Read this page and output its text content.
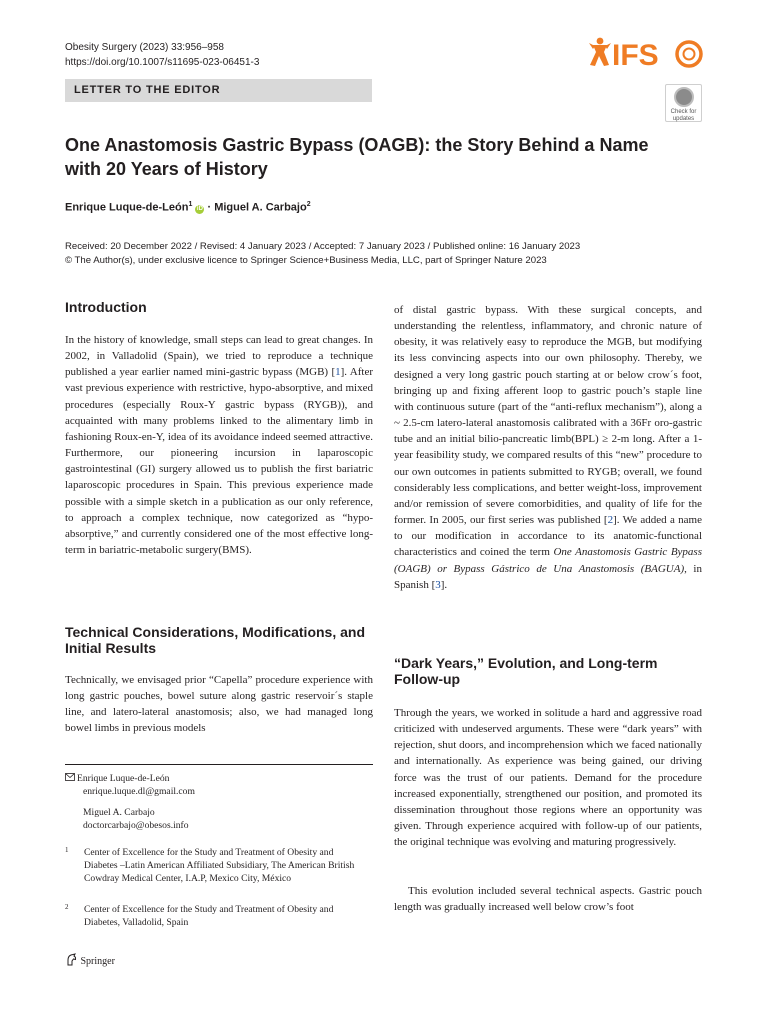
Obesity Surgery (2023) 33:956–958
https://doi.org/10.1007/s11695-023-06451-3	IFS
LETTER TO THE EDITOR
Check for
updates
One Anastomosis Gastric Bypass (OAGB): the Story Behind a Name with 20 Years of History
Enrique Luque-de-León$^1$ iD · Miguel A. Carbajo$^2$
Received: 20 December 2022 / Revised: 4 January 2023 / Accepted: 7 January 2023 / Published online: 16 January 2023
© The Author(s), under exclusive licence to Springer Science+Business Media, LLC, part of Springer Nature 2023
Introduction

In the history of knowledge, small steps can lead to great changes. In 2002, in Valladolid (Spain), we tried to reproduce a technique published a year earlier named mini-gastric bypass (MGB) [1]. After vast previous experience with restrictive, hypo-absorptive, and mixed procedures (especially Roux-Y gastric bypass (RYGB)), and acquainted with many problems linked to the alimentary limb in fashioning Roux-en-Y, idea of its avoidance indeed seemed attractive. Furthermore, our pioneering incursion in laparoscopic gastrointestinal (GI) surgery allowed us to publish the first bariatric laparoscopic procedures in Spain. This previous experience made possible with a simple sketch in a publication as our only reference, to approach a complex technique, now categorized as “hypo-absorptive,” and currently considered one of the most effective long-term in bariatric-metabolic surgery(BMS).

Technical Considerations, Modifications, and Initial Results

Technically, we envisaged prior “Capella” procedure experience with long gastric pouches, bowel suture along gastric reservoir´s staple line, and latero-lateral anastomosis; also, we had managed long bowel limbs in previous models

Enrique Luque-de-León
enrique.luque.dl@gmail.com
Miguel A. Carbajo
doctorcarbajo@obesos.info
1	Center of Excellence for the Study and Treatment of Obesity and Diabetes –Latin American Affiliated Subsidiary, The American British Cowdray Medical Center, I.A.P, Mexico City, México
2	Center of Excellence for the Study and Treatment of Obesity and Diabetes, Valladolid, Spain
Springer

of distal gastric bypass. With these surgical concepts, and understanding the relentless, inflammatory, and chronic nature of obesity, it was relatively easy to reproduce the MGB, but modifying its less convincing aspects into our own philosophy. Thereby, we designed a very long gastric pouch starting at or below crow´s foot, bringing up and fixing afferent loop to gastric pouch’s staple line with continuous suture (part of the “anti-reflux mechanism”), along a ~ 2.5-cm latero-lateral anastomosis calibrated with a 36Fr oro-gastric tube and an initial bilio-pancreatic limb(BPL) ≥ 2-m long. After a 1-year feasibility study, we compared results of this “new” procedure to our own outcomes in patients submitted to RYGB; overall, we found considerably less complications, and better weight-loss, improvement and/or remission of severe comorbidities, and quality of life for the former. In 2005, our first series was published [2]. We added a name to our modification in accordance to its anatomic-functional characteristics and coined the term One Anastomosis Gastric Bypass (OAGB) or Bypass Gástrico de Una Anastomosis (BAGUA), in Spanish [3].

“Dark Years,” Evolution, and Long-term Follow-up

Through the years, we worked in solitude a hard and aggressive road criticized with undeserved arguments. These were “dark years” with rejection, shut doors, and incomprehension which we faced nationally and internationally. As experience was being gained, our driving force was the trust of our patients. Demand for the procedure increased exponentially, strengthened our position, and promoted its dissemination throughout those regions where an opportunity was given. Through experience acquired with follow-up of our patients, the original technique was evolving and maturing progressively.

This evolution included several technical aspects. Gastric pouch length was gradually increased well below crow’s foot
